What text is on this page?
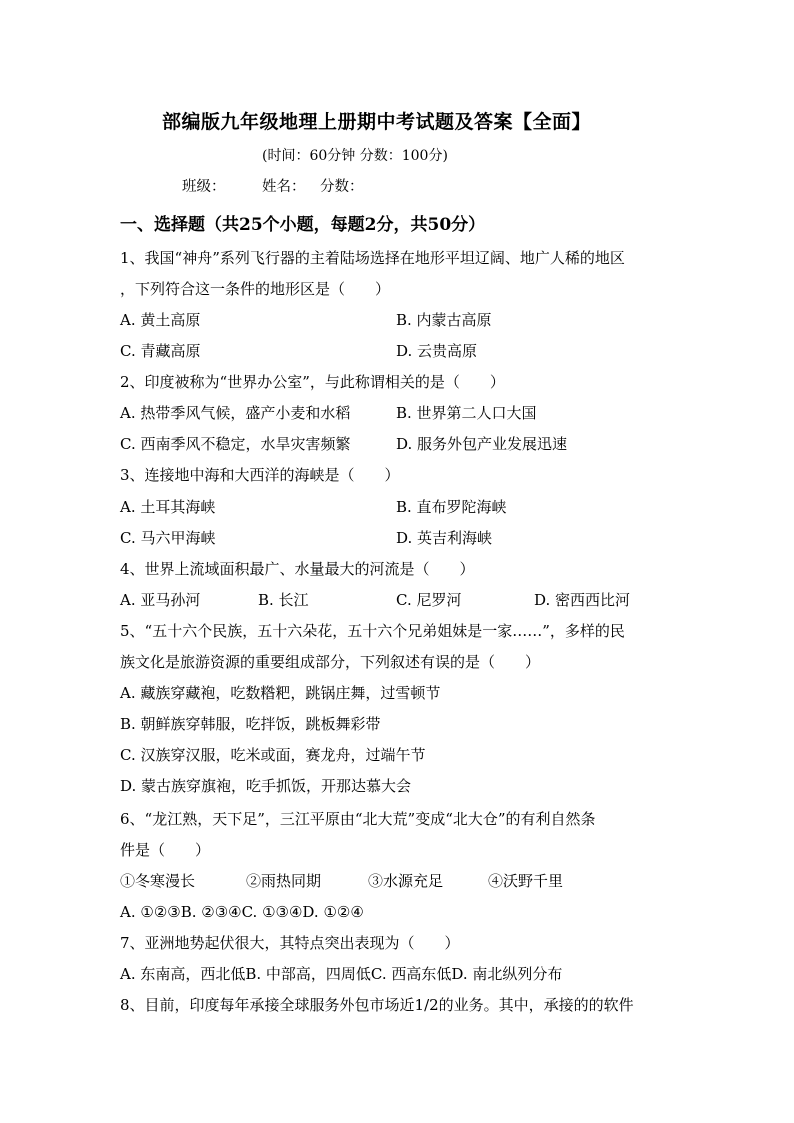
部编版九年级地理上册期中考试题及答案【全面】
(时间：60分钟 分数：100分)
班级：	姓名： 分数：
一、选择题（共25个小题，每题2分，共50分）
1、我国“神舟”系列飞行器的主着陆场选择在地形平坦辽阔、地广人稀的地区
，下列符合这一条件的地形区是（　　）
A. 黄土高原	B. 内蒙古高原
C. 青藏高原	D. 云贵高原
2、印度被称为“世界办公室”，与此称谓相关的是（　　）
A. 热带季风气候，盛产小麦和水稻	B. 世界第二人口大国
C. 西南季风不稳定，水旱灾害频繁	D. 服务外包产业发展迅速
3、连接地中海和大西洋的海峡是（　　）
A. 土耳其海峡	B. 直布罗陀海峡
C. 马六甲海峡	D. 英吉利海峡
4、世界上流域面积最广、水量最大的河流是（　　）
A. 亚马孙河	B. 长江	C. 尼罗河	D. 密西西比河
5、“五十六个民族，五十六朵花，五十六个兄弟姐妹是一家……”，多样的民
族文化是旅游资源的重要组成部分，下列叙述有误的是（　　）
A. 藏族穿藏袍，吃数糌粑，跳锅庄舞，过雪顿节
B. 朝鲜族穿韩服，吃拌饭，跳板舞彩带
C. 汉族穿汉服，吃米或面，赛龙舟，过端午节
D. 蒙古族穿旗袍，吃手抓饭，开那达慕大会
6、“龙江熟，天下足”，三江平原由“北大荒”变成“北大仓”的有利自然条
件是（　　）
①冬寒漫长	②雨热同期	③水源充足	④沃野千里
A. ①②③B. ②③④C. ①③④D. ①②④
7、亚洲地势起伏很大，其特点突出表现为（　　）
A. 东南高，西北低B. 中部高，四周低C. 西高东低D. 南北纵列分布
8、目前，印度每年承接全球服务外包市场近1/2的业务。其中，承接的的软件
